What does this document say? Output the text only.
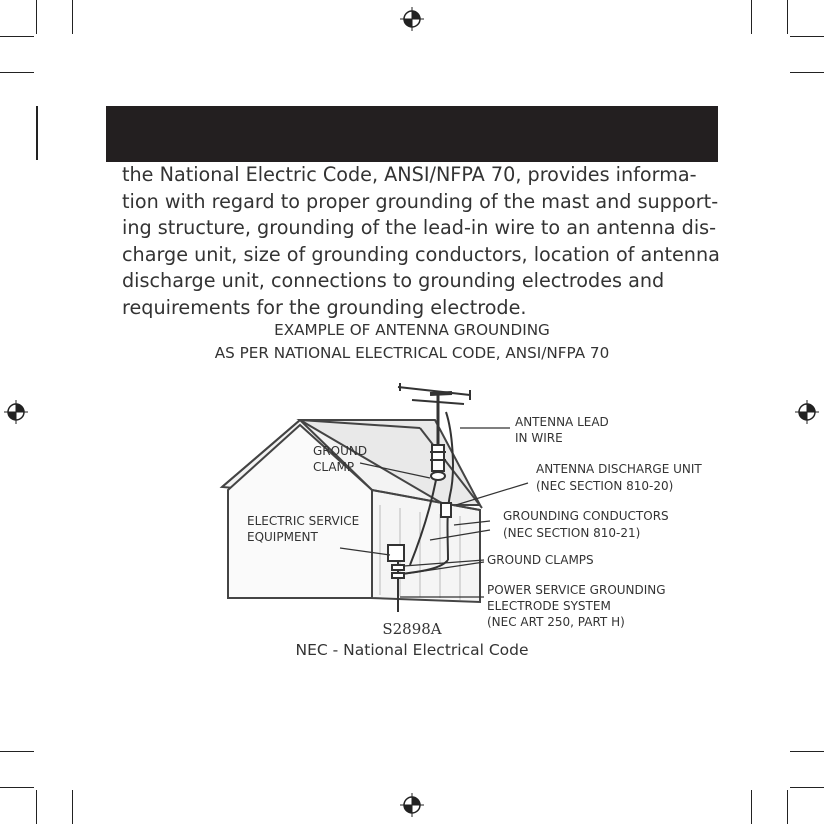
the National Electric Code, ANSI/NFPA 70, provides informa-
tion with regard to proper grounding of the mast and support-
ing structure, grounding of the lead-in wire to an antenna dis-
charge unit, size of grounding conductors, location of antenna
discharge unit, connections to grounding electrodes and
requirements for the grounding electrode.
EXAMPLE OF ANTENNA GROUNDING
AS PER NATIONAL ELECTRICAL CODE, ANSI/NFPA 70
ANTENNA LEAD
IN WIRE
GROUND
CLAMP	ANTENNA DISCHARGE UNIT
(NEC SECTION 810-20)
ELECTRIC SERVICE
EQUIPMENT
GROUNDING CONDUCTORS
(NEC SECTION 810-21)
GROUND CLAMPS
POWER SERVICE GROUNDING
ELECTRODE SYSTEM
(NEC ART 250, PART H)
S2898A
NEC - National Electrical Code
